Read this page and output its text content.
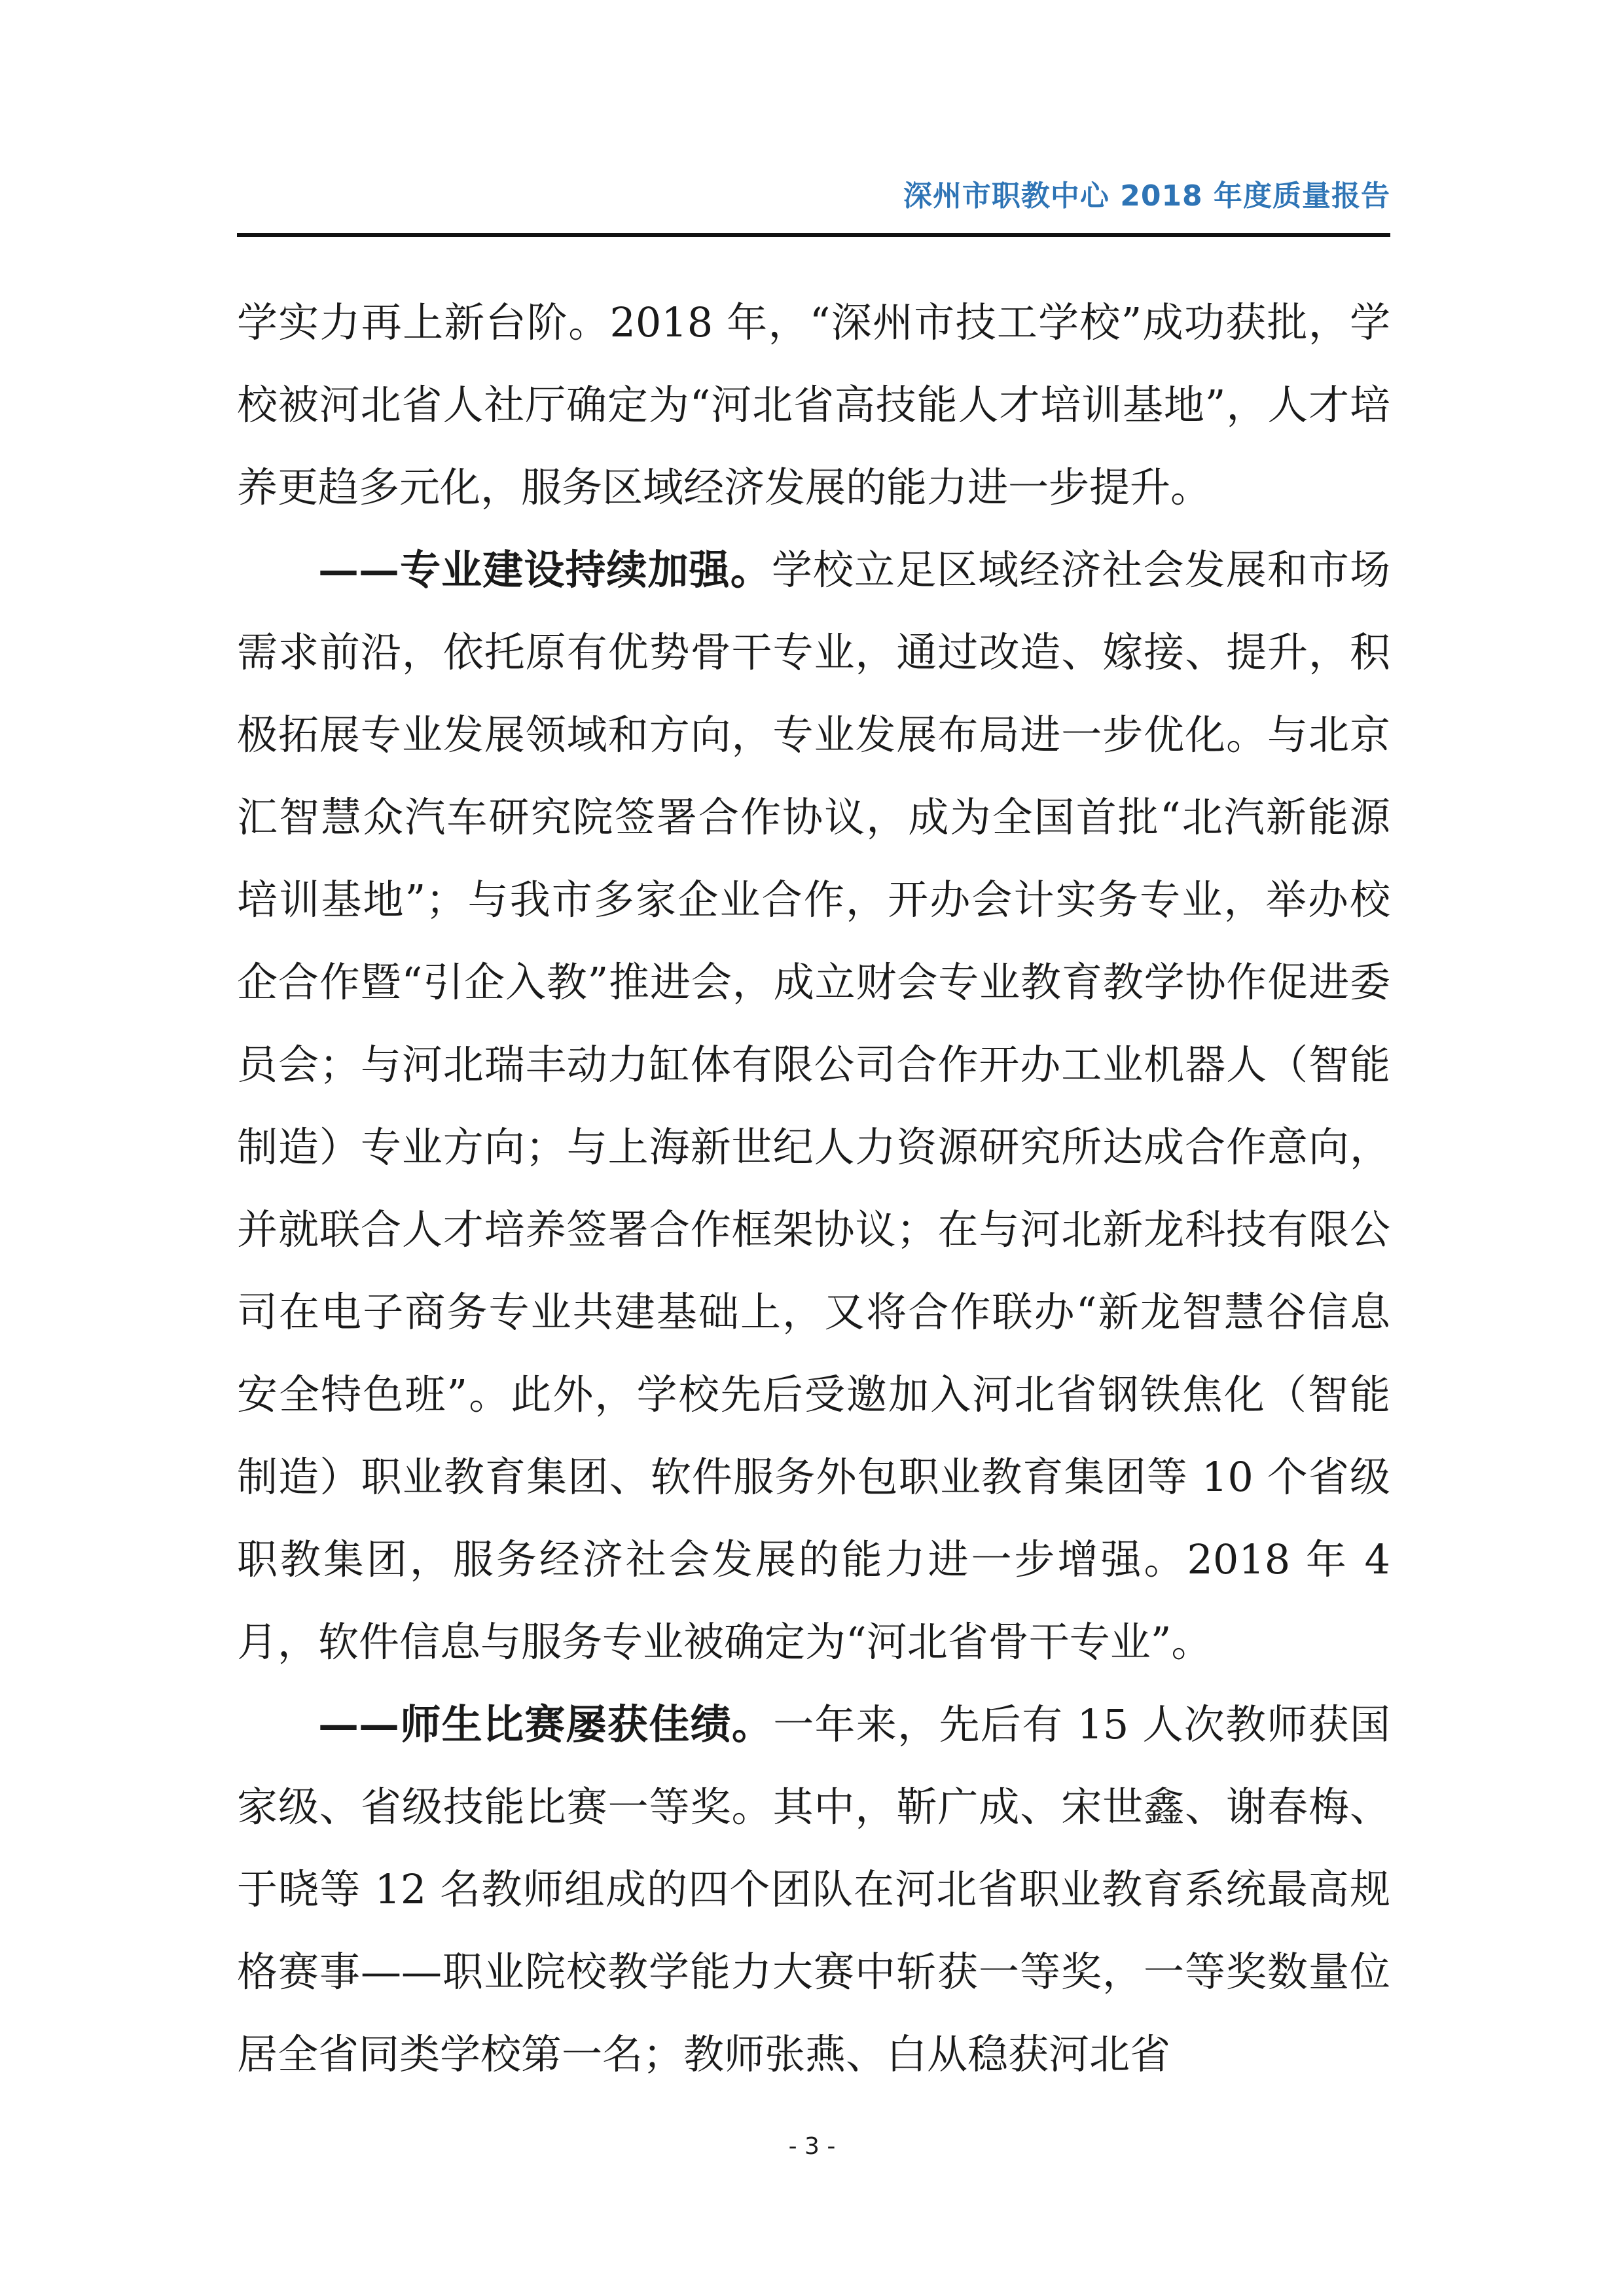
深州市职教中心 2018 年度质量报告

学实力再上新台阶。2018 年，“深州市技工学校”成功获批，学校被河北省人社厅确定为“河北省高技能人才培训基地”，人才培养更趋多元化，服务区域经济发展的能力进一步提升。

——专业建设持续加强。学校立足区域经济社会发展和市场需求前沿，依托原有优势骨干专业，通过改造、嫁接、提升，积极拓展专业发展领域和方向，专业发展布局进一步优化。与北京汇智慧众汽车研究院签署合作协议，成为全国首批“北汽新能源培训基地”；与我市多家企业合作，开办会计实务专业，举办校企合作暨“引企入教”推进会，成立财会专业教育教学协作促进委员会；与河北瑞丰动力缸体有限公司合作开办工业机器人（智能制造）专业方向；与上海新世纪人力资源研究所达成合作意向，并就联合人才培养签署合作框架协议；在与河北新龙科技有限公司在电子商务专业共建基础上，又将合作联办“新龙智慧谷信息安全特色班”。此外，学校先后受邀加入河北省钢铁焦化（智能制造）职业教育集团、软件服务外包职业教育集团等 10 个省级职教集团，服务经济社会发展的能力进一步增强。2018 年 4 月，软件信息与服务专业被确定为“河北省骨干专业”。

——师生比赛屡获佳绩。一年来，先后有 15 人次教师获国家级、省级技能比赛一等奖。其中，靳广成、宋世鑫、谢春梅、于晓等 12 名教师组成的四个团队在河北省职业教育系统最高规格赛事——职业院校教学能力大赛中斩获一等奖，一等奖数量位居全省同类学校第一名；教师张燕、白从稳获河北省

- 3 -
